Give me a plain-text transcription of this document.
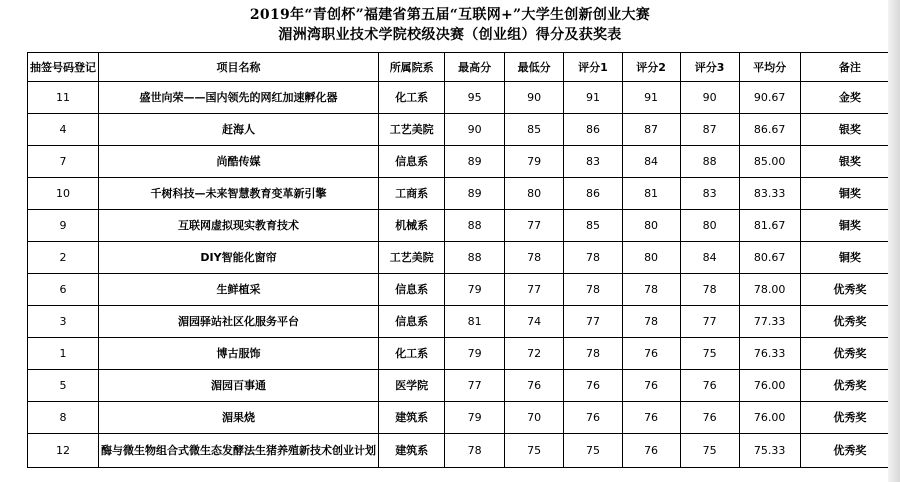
2019年“青创杯”福建省第五届“互联网+”大学生创新创业大赛
湄洲湾职业技术学院校级决赛（创业组）得分及获奖表
抽签号码登记	项目名称	所属院系	最高分	最低分	评分1	评分2	评分3	平均分	备注
11	盛世向荣——国内领先的网红加速孵化器	化工系	95	90	91	91	90	90.67	金奖
4	赶海人	工艺美院	90	85	86	87	87	86.67	银奖
7	尚酷传媒	信息系	89	79	83	84	88	85.00	银奖
10	千树科技—未来智慧教育变革新引擎	工商系	89	80	86	81	83	83.33	铜奖
9	互联网虚拟现实教育技术	机械系	88	77	85	80	80	81.67	铜奖
2	DIY智能化窗帘	工艺美院	88	78	78	80	84	80.67	铜奖
6	生鲜植采	信息系	79	77	78	78	78	78.00	优秀奖
3	湄园驿站社区化服务平台	信息系	81	74	77	78	77	77.33	优秀奖
1	博古服饰	化工系	79	72	78	76	75	76.33	优秀奖
5	湄园百事通	医学院	77	76	76	76	76	76.00	优秀奖
8	湄果烧	建筑系	79	70	76	76	76	76.00	优秀奖
12	酶与微生物组合式微生态发酵法生猪养殖新技术创业计划	建筑系	78	75	75	76	75	75.33	优秀奖
